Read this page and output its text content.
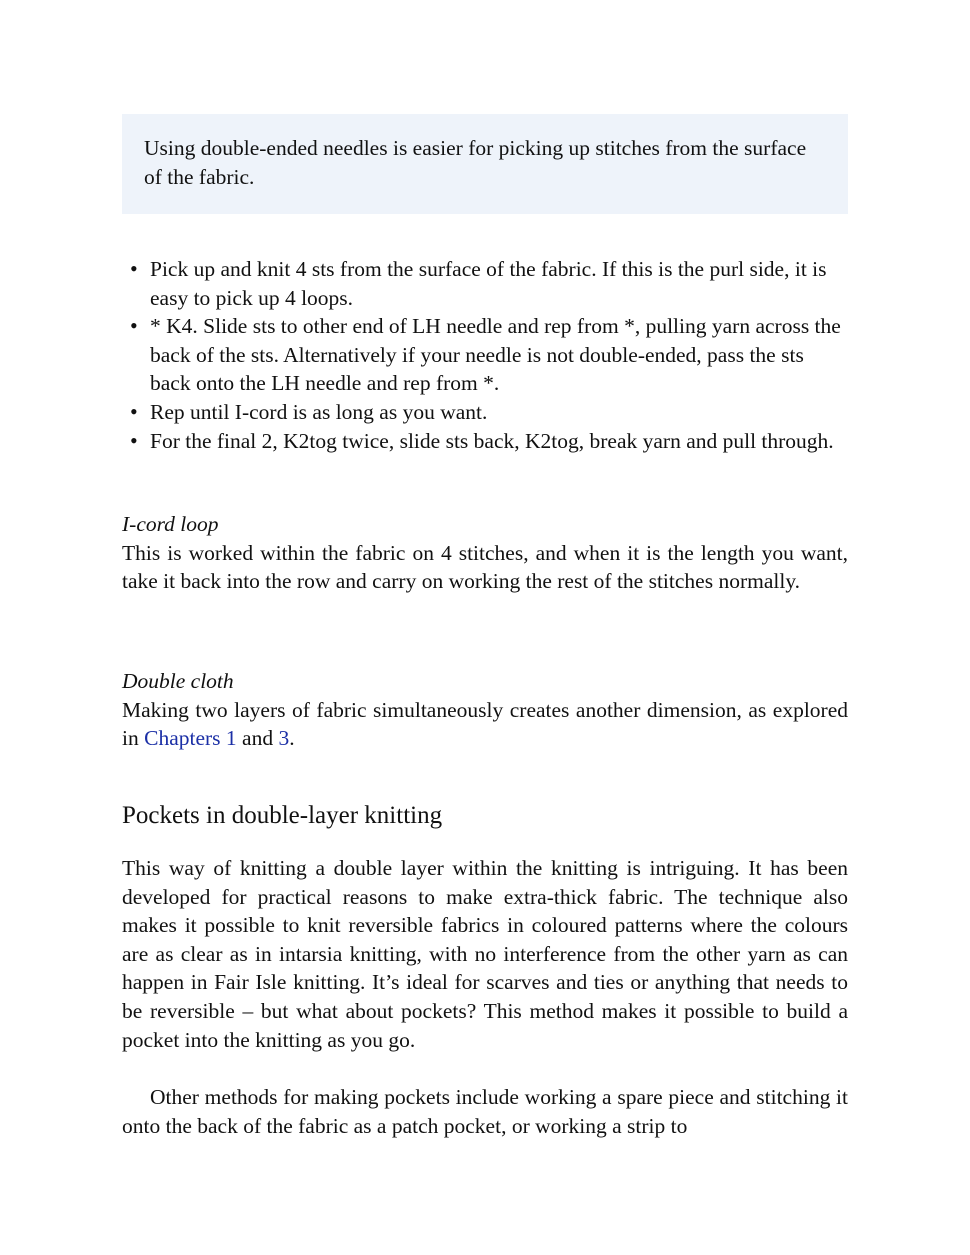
Using double-ended needles is easier for picking up stitches from the surface of the fabric.
• Pick up and knit 4 sts from the surface of the fabric. If this is the purl side, it is easy to pick up 4 loops.
• * K4. Slide sts to other end of LH needle and rep from *, pulling yarn across the back of the sts. Alternatively if your needle is not double-ended, pass the sts back onto the LH needle and rep from *.
• Rep until I-cord is as long as you want.
• For the final 2, K2tog twice, slide sts back, K2tog, break yarn and pull through.
I-cord loop
This is worked within the fabric on 4 stitches, and when it is the length you want, take it back into the row and carry on working the rest of the stitches normally.
Double cloth
Making two layers of fabric simultaneously creates another dimension, as explored in Chapters 1 and 3.
Pockets in double-layer knitting

This way of knitting a double layer within the knitting is intriguing. It has been developed for practical reasons to make extra-thick fabric. The technique also makes it possible to knit reversible fabrics in coloured patterns where the colours are as clear as in intarsia knitting, with no interference from the other yarn as can happen in Fair Isle knitting. It’s ideal for scarves and ties or anything that needs to be reversible – but what about pockets? This method makes it possible to build a pocket into the knitting as you go.

Other methods for making pockets include working a spare piece and stitching it onto the back of the fabric as a patch pocket, or working a strip to
